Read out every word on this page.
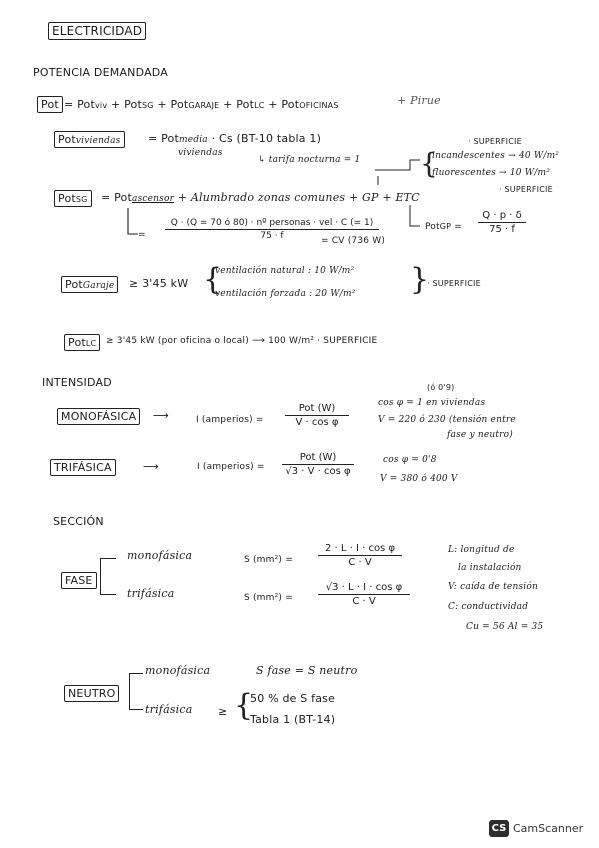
ELECTRICIDAD
POTENCIA DEMANDADA
Pot = Potviv + PotSG + PotGARAJE + PotLC + PotOFICINAS	+ Pirue
Potviviendas	= Potmedia · Cs (BT-10 tabla 1)
viviendas
↳ tarifa nocturna = 1
· SUPERFICIE
{
incandescentes → 40 W/m²
fluorescentes → 10 W/m²
PotSG	= Potascensor + Alumbrado zonas comunes + GP + ETC
· SUPERFICIE
=
Q · (Q = 70 ó 80) · nº personas · vel · C (= 1)
75 · f	= CV (736 W)
PotGP = $\frac{Q \cdot p \cdot \delta}{75 \cdot f}$
PotGaraje	≥ 3'45 kW {
ventilación natural : 10 W/m²
ventilación forzada : 20 W/m² }
· SUPERFICIE
PotLC	≥ 3'45 kW (por oficina o local) ⟶ 100 W/m² · SUPERFICIE
INTENSIDAD
MONOFÁSICA	⟶	I (amperios) =
Pot (W)
V · cos φ
(ó 0'9)
cos φ = 1 en viviendas
V = 220 ó 230 (tensión entre
fase y neutro)
TRIFÁSICA	⟶	I (amperios) =
Pot (W)
√3 · V · cos φ
cos φ = 0'8
V = 380 ó 400 V
SECCIÓN
FASE
monofásica
trifásica
S (mm²) =	$\frac{\text{2 · L · I · cos φ}}{C \cdot V}$
S (mm²) =	$\frac{\text{√3 · L · I · cos φ}}{C \cdot V}$
L: longitud de
la instalación
V: caída de tensión
C: conductividad
Cu = 56 Al = 35
NEUTRO
monofásica	S fase = S neutro
trifásica ≥ {
50 % de S fase
Tabla 1 (BT-14)
CS CamScanner
